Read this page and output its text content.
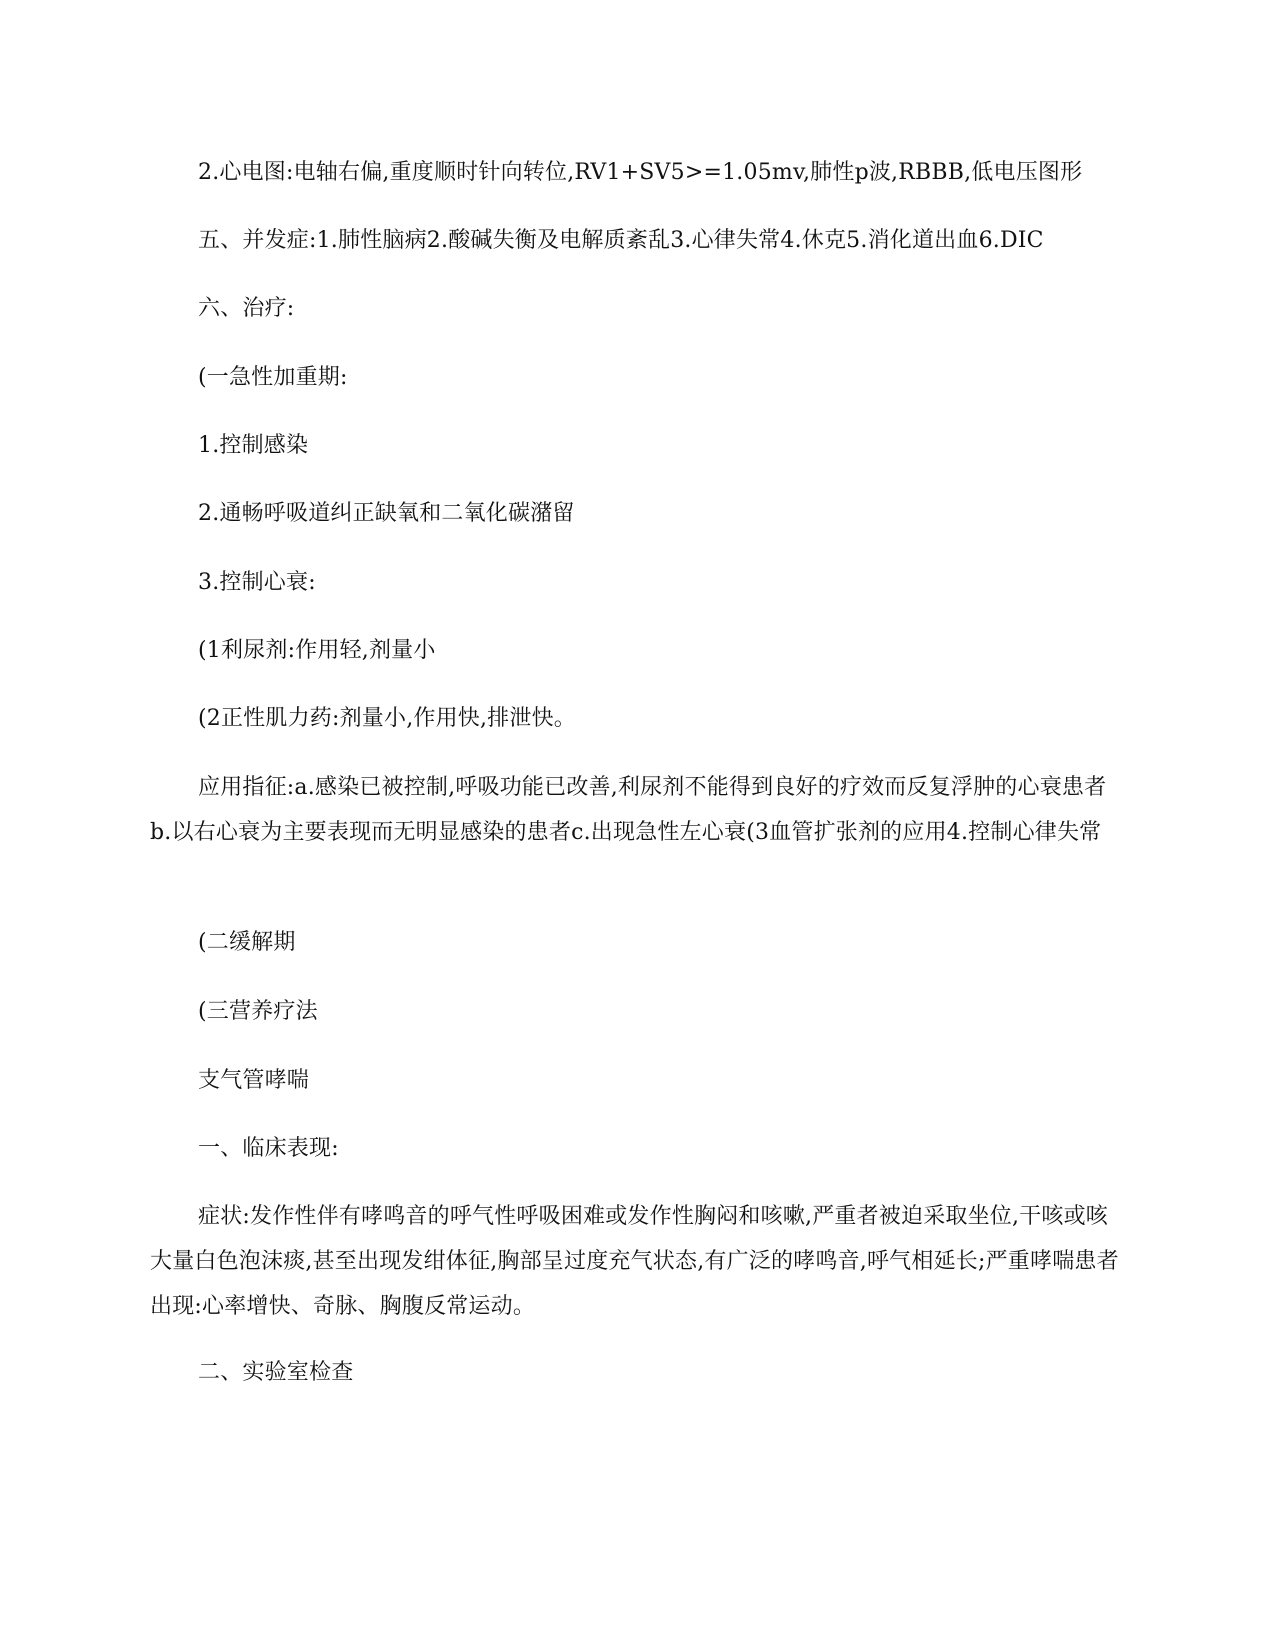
2.心电图:电轴右偏,重度顺时针向转位,RV1+SV5>=1.05mv,肺性p波,RBBB,低电压图形

五、并发症:1.肺性脑病2.酸碱失衡及电解质紊乱3.心律失常4.休克5.消化道出血6.DIC

六、治疗:

(一急性加重期:

1.控制感染

2.通畅呼吸道纠正缺氧和二氧化碳潴留

3.控制心衰:

(1利尿剂:作用轻,剂量小

(2正性肌力药:剂量小,作用快,排泄快。

应用指征:a.感染已被控制,呼吸功能已改善,利尿剂不能得到良好的疗效而反复浮肿的心衰患者b.以右心衰为主要表现而无明显感染的患者c.出现急性左心衰(3血管扩张剂的应用4.控制心律失常

(二缓解期

(三营养疗法

支气管哮喘

一、临床表现:

症状:发作性伴有哮鸣音的呼气性呼吸困难或发作性胸闷和咳嗽,严重者被迫采取坐位,干咳或咳大量白色泡沫痰,甚至出现发绀体征,胸部呈过度充气状态,有广泛的哮鸣音,呼气相延长;严重哮喘患者出现:心率增快、奇脉、胸腹反常运动。

二、实验室检查
